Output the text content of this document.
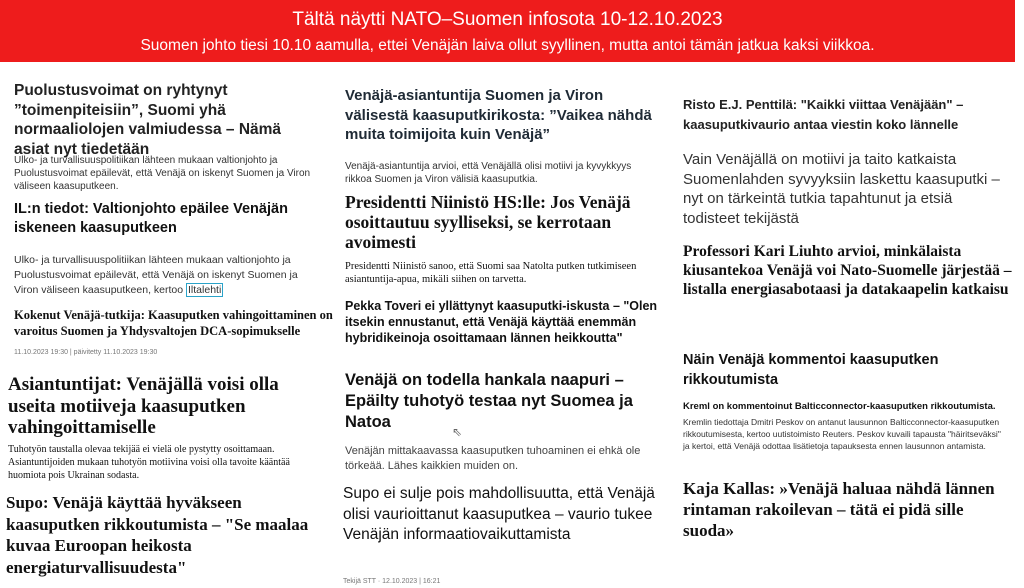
Tältä näytti NATO–Suomen infosota 10-12.10.2023
Suomen johto tiesi 10.10 aamulla, ettei Venäjän laiva ollut syyllinen, mutta antoi tämän jatkua kaksi viikkoa.
Puolustusvoimat on ryhtynyt ”toimenpiteisiin”, Suomi yhä normaaliolojen valmiudessa – Nämä asiat nyt tiedetään
Ulko- ja turvallisuuspolitiikan lähteen mukaan valtionjohto ja Puolustusvoimat epäilevät, että Venäjä on iskenyt Suomen ja Viron väliseen kaasuputkeen.
IL:n tiedot: Valtionjohto epäilee Venäjän iskeneen kaasuputkeen
Ulko- ja turvallisuuspolitiikan lähteen mukaan valtionjohto ja Puolustusvoimat epäilevät, että Venäjä on iskenyt Suomen ja Viron väliseen kaasuputkeen, kertoo Iltalehti
Kokenut Venäjä-tutkija: Kaasuputken vahingoittaminen on varoitus Suomen ja Yhdysvaltojen DCA-sopimukselle
11.10.2023 19:30 | päivitetty 11.10.2023 19:30
Asiantuntijat: Venäjällä voisi olla useita motiiveja kaasuputken vahingoittamiselle
Tuhotyön taustalla olevaa tekijää ei vielä ole pystytty osoittamaan. Asiantuntijoiden mukaan tuhotyön motiivina voisi olla tavoite kääntää huomiota pois Ukrainan sodasta.
Supo: Venäjä käyttää hyväkseen kaasuputken rikkoutumista – "Se maalaa kuvaa Euroopan heikosta energiaturvallisuudesta"
Venäjä-asiantuntija Suomen ja Viron välisestä kaasuputkirikosta: ”Vaikea nähdä muita toimijoita kuin Venäjä”
Venäjä-asiantuntija arvioi, että Venäjällä olisi motiivi ja kyvykkyys rikkoa Suomen ja Viron välisiä kaasuputkia.
Presidentti Niinistö HS:lle: Jos Venäjä osoittautuu syylliseksi, se kerrotaan avoimesti
Presidentti Niinistö sanoo, että Suomi saa Natolta putken tutkimiseen asiantuntija-apua, mikäli siihen on tarvetta.
Pekka Toveri ei yllättynyt kaasuputki-iskusta – "Olen itsekin ennustanut, että Venäjä käyttää enemmän hybridikeinoja osoittamaan lännen heikkoutta"
Venäjä on todella hankala naapuri – Epäilty tuhotyö testaa nyt Suomea ja Natoa
Venäjän mittakaavassa kaasuputken tuhoaminen ei ehkä ole törkeää. Lähes kaikkien muiden on.
Supo ei sulje pois mahdollisuutta, että Venäjä olisi vaurioittanut kaasuputkea – vaurio tukee Venäjän informaatiovaikuttamista
Tekijä STT · 12.10.2023 | 16:21
Risto E.J. Penttilä: "Kaikki viittaa Venäjään" – kaasuputkivaurio antaa viestin koko lännelle
Vain Venäjällä on motiivi ja taito katkaista Suomenlahden syvyyksiin laskettu kaasuputki – nyt on tärkeintä tutkia tapahtunut ja etsiä todisteet tekijästä
Professori Kari Liuhto arvioi, minkälaista kiusantekoa Venäjä voi Nato-Suomelle järjestää – listalla energiasabotaasi ja datakaapelin katkaisu
Näin Venäjä kommentoi kaasuputken rikkoutumista
Kreml on kommentoinut Balticconnector-kaasuputken rikkoutumista.
Kremlin tiedottaja Dmitri Peskov on antanut lausunnon Balticconnector-kaasuputken rikkoutumisesta, kertoo uutistoimisto Reuters. Peskov kuvaili tapausta "häiritseväksi" ja kertoi, että Venäjä odottaa lisätietoja tapauksesta ennen lausunnon antamista.
Kaja Kallas: »Venäjä haluaa nähdä lännen rintaman rakoilevan – tätä ei pidä sille suoda»
⇖
